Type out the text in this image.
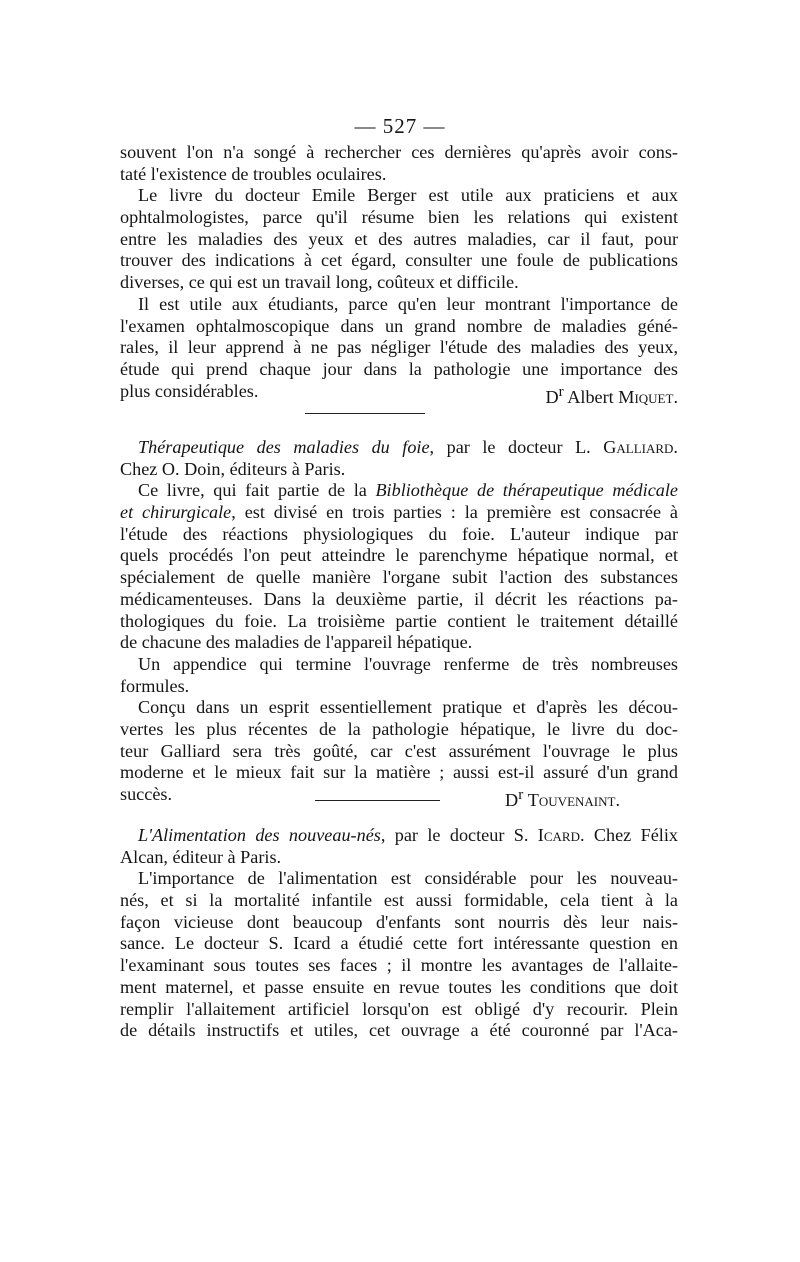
— 527 —
souvent l'on n'a songé à rechercher ces dernières qu'après avoir cons-
taté l'existence de troubles oculaires.
Le livre du docteur Emile Berger est utile aux praticiens et aux
ophtalmologistes, parce qu'il résume bien les relations qui existent
entre les maladies des yeux et des autres maladies, car il faut, pour
trouver des indications à cet égard, consulter une foule de publications
diverses, ce qui est un travail long, coûteux et difficile.
Il est utile aux étudiants, parce qu'en leur montrant l'importance de
l'examen ophtalmoscopique dans un grand nombre de maladies géné-
rales, il leur apprend à ne pas négliger l'étude des maladies des yeux,
étude qui prend chaque jour dans la pathologie une importance des
plus considérables.	$D^r$ Albert Miquet.
Thérapeutique des maladies du foie, par le docteur L. Galliard.
Chez O. Doin, éditeurs à Paris.
Ce livre, qui fait partie de la Bibliothèque de thérapeutique médicale
et chirurgicale, est divisé en trois parties : la première est consacrée à
l'étude des réactions physiologiques du foie. L'auteur indique par
quels procédés l'on peut atteindre le parenchyme hépatique normal, et
spécialement de quelle manière l'organe subit l'action des substances
médicamenteuses. Dans la deuxième partie, il décrit les réactions pa-
thologiques du foie. La troisième partie contient le traitement détaillé
de chacune des maladies de l'appareil hépatique.
Un appendice qui termine l'ouvrage renferme de très nombreuses
formules.
Conçu dans un esprit essentiellement pratique et d'après les décou-
vertes les plus récentes de la pathologie hépatique, le livre du doc-
teur Galliard sera très goûté, car c'est assurément l'ouvrage le plus
moderne et le mieux fait sur la matière ; aussi est-il assuré d'un grand
succès.	$D^r$ Touvenaint.
L'Alimentation des nouveau-nés, par le docteur S. Icard. Chez Félix
Alcan, éditeur à Paris.
L'importance de l'alimentation est considérable pour les nouveau-
nés, et si la mortalité infantile est aussi formidable, cela tient à la
façon vicieuse dont beaucoup d'enfants sont nourris dès leur nais-
sance. Le docteur S. Icard a étudié cette fort intéressante question en
l'examinant sous toutes ses faces ; il montre les avantages de l'allaite-
ment maternel, et passe ensuite en revue toutes les conditions que doit
remplir l'allaitement artificiel lorsqu'on est obligé d'y recourir. Plein
de détails instructifs et utiles, cet ouvrage a été couronné par l'Aca-
